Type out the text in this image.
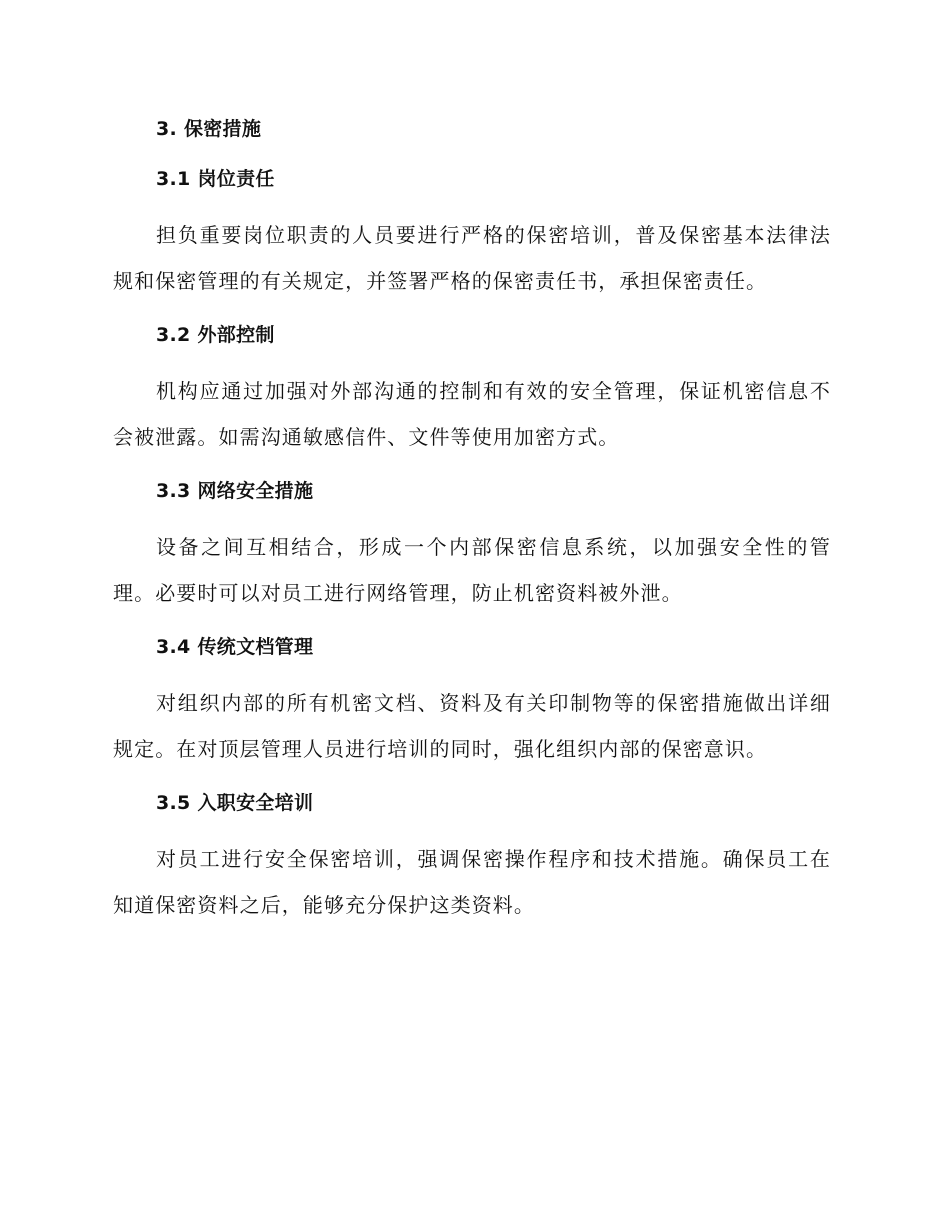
3. 保密措施
3.1 岗位责任

担负重要岗位职责的人员要进行严格的保密培训，普及保密基本法律法规和保密管理的有关规定，并签署严格的保密责任书，承担保密责任。

3.2 外部控制

机构应通过加强对外部沟通的控制和有效的安全管理，保证机密信息不会被泄露。如需沟通敏感信件、文件等使用加密方式。

3.3 网络安全措施

设备之间互相结合，形成一个内部保密信息系统，以加强安全性的管理。必要时可以对员工进行网络管理，防止机密资料被外泄。

3.4 传统文档管理

对组织内部的所有机密文档、资料及有关印制物等的保密措施做出详细规定。在对顶层管理人员进行培训的同时，强化组织内部的保密意识。

3.5 入职安全培训

对员工进行安全保密培训，强调保密操作程序和技术措施。确保员工在知道保密资料之后，能够充分保护这类资料。
